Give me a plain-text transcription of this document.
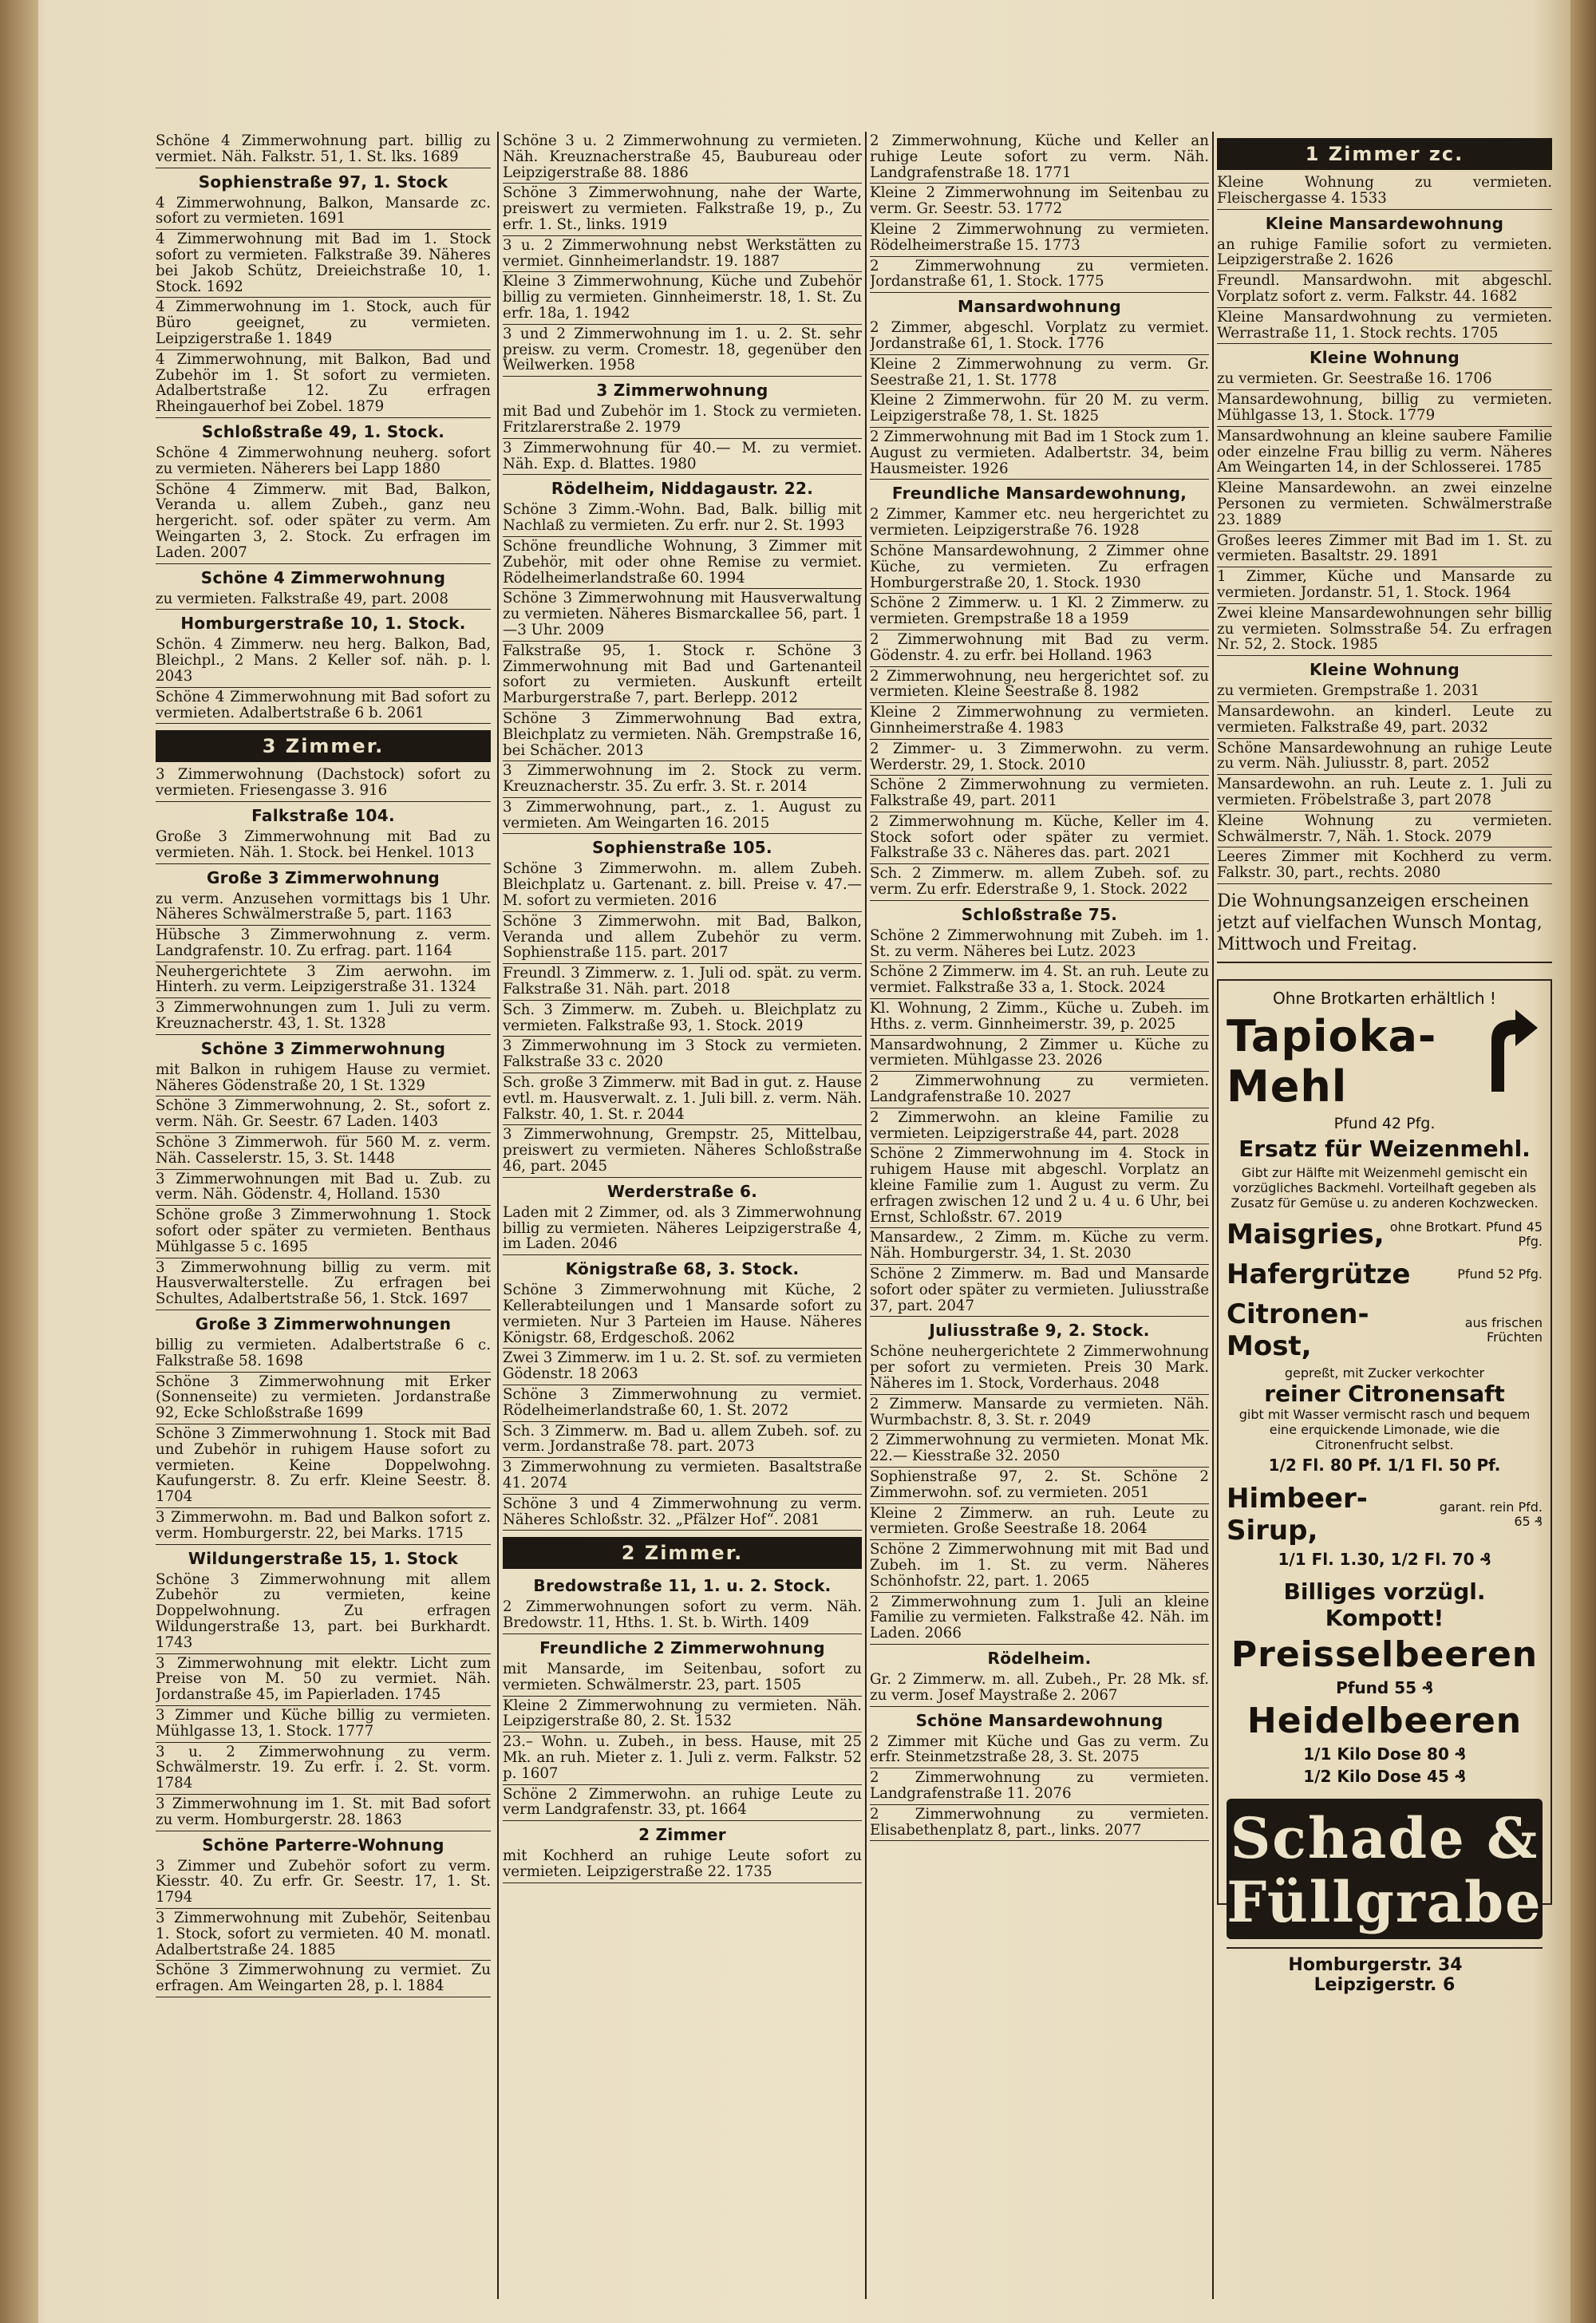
Schöne 4 Zimmerwohnung part. billig zu vermiet. Näh. Falkstr. 51, 1. St. lks. 1689
Sophienstraße 97, 1. Stock
4 Zimmerwohnung, Balkon, Mansarde zc. sofort zu vermieten. 1691
4 Zimmerwohnung mit Bad im 1. Stock sofort zu vermieten. Falkstraße 39. Näheres bei Jakob Schütz, Dreieichstraße 10, 1. Stock. 1692
4 Zimmerwohnung im 1. Stock, auch für Büro geeignet, zu vermieten. Leipzigerstraße 1. 1849
4 Zimmerwohnung, mit Balkon, Bad und Zubehör im 1. St sofort zu vermieten. Adalbertstraße 12. Zu erfragen Rheingauerhof bei Zobel. 1879
Schloßstraße 49, 1. Stock.
Schöne 4 Zimmerwohnung neuherg. sofort zu vermieten. Näherers bei Lapp 1880
Schöne 4 Zimmerw. mit Bad, Balkon, Veranda u. allem Zubeh., ganz neu hergericht. sof. oder später zu verm. Am Weingarten 3, 2. Stock. Zu erfragen im Laden. 2007
Schöne 4 Zimmerwohnung
zu vermieten. Falkstraße 49, part. 2008
Homburgerstraße 10, 1. Stock.
Schön. 4 Zimmerw. neu herg. Balkon, Bad, Bleichpl., 2 Mans. 2 Keller sof. näh. p. l. 2043
Schöne 4 Zimmerwohnung mit Bad sofort zu vermieten. Adalbertstraße 6 b. 2061
3 Zimmer.
3 Zimmerwohnung (Dachstock) sofort zu vermieten. Friesengasse 3. 916
Falkstraße 104.
Große 3 Zimmerwohnung mit Bad zu vermieten. Näh. 1. Stock. bei Henkel. 1013
Große 3 Zimmerwohnung
zu verm. Anzusehen vormittags bis 1 Uhr. Näheres Schwälmerstraße 5, part. 1163
Hübsche 3 Zimmerwohnung z. verm. Landgrafenstr. 10. Zu erfrag. part. 1164
Neuhergerichtete 3 Zim aerwohn. im Hinterh. zu verm. Leipzigerstraße 31. 1324
3 Zimmerwohnungen zum 1. Juli zu verm. Kreuznacherstr. 43, 1. St. 1328
Schöne 3 Zimmerwohnung
mit Balkon in ruhigem Hause zu vermiet. Näheres Gödenstraße 20, 1 St. 1329
Schöne 3 Zimmerwohnung, 2. St., sofort z. verm. Näh. Gr. Seestr. 67 Laden. 1403
Schöne 3 Zimmerwoh. für 560 M. z. verm. Näh. Casselerstr. 15, 3. St. 1448
3 Zimmerwohnungen mit Bad u. Zub. zu verm. Näh. Gödenstr. 4, Holland. 1530
Schöne große 3 Zimmerwohnung 1. Stock sofort oder später zu vermieten. Benthaus Mühlgasse 5 c. 1695
3 Zimmerwohnung billig zu verm. mit Hausverwalterstelle. Zu erfragen bei Schultes, Adalbertstraße 56, 1. Stck. 1697
Große 3 Zimmerwohnungen
billig zu vermieten. Adalbertstraße 6 c. Falkstraße 58. 1698
Schöne 3 Zimmerwohnung mit Erker (Sonnenseite) zu vermieten. Jordanstraße 92, Ecke Schloßstraße 1699
Schöne 3 Zimmerwohnung 1. Stock mit Bad und Zubehör in ruhigem Hause sofort zu vermieten. Keine Doppelwohng. Kaufungerstr. 8. Zu erfr. Kleine Seestr. 8. 1704
3 Zimmerwohn. m. Bad und Balkon sofort z. verm. Homburgerstr. 22, bei Marks. 1715
Wildungerstraße 15, 1. Stock
Schöne 3 Zimmerwohnung mit allem Zubehör zu vermieten, keine Doppelwohnung. Zu erfragen Wildungerstraße 13, part. bei Burkhardt. 1743
3 Zimmerwohnung mit elektr. Licht zum Preise von M. 50 zu vermiet. Näh. Jordanstraße 45, im Papierladen. 1745
3 Zimmer und Küche billig zu vermieten. Mühlgasse 13, 1. Stock. 1777
3 u. 2 Zimmerwohnung zu verm. Schwälmerstr. 19. Zu erfr. i. 2. St. vorm. 1784
3 Zimmerwohnung im 1. St. mit Bad sofort zu verm. Homburgerstr. 28. 1863
Schöne Parterre-Wohnung
3 Zimmer und Zubehör sofort zu verm. Kiesstr. 40. Zu erfr. Gr. Seestr. 17, 1. St. 1794
3 Zimmerwohnung mit Zubehör, Seitenbau 1. Stock, sofort zu vermieten. 40 M. monatl. Adalbertstraße 24. 1885
Schöne 3 Zimmerwohnung zu vermiet. Zu erfragen. Am Weingarten 28, p. l. 1884
Schöne 3 u. 2 Zimmerwohnung zu vermieten. Näh. Kreuznacherstraße 45, Baubureau oder Leipzigerstraße 88. 1886
Schöne 3 Zimmerwohnung, nahe der Warte, preiswert zu vermieten. Falkstraße 19, p., Zu erfr. 1. St., links. 1919
3 u. 2 Zimmerwohnung nebst Werkstätten zu vermiet. Ginnheimerlandstr. 19. 1887
Kleine 3 Zimmerwohnung, Küche und Zubehör billig zu vermieten. Ginnheimerstr. 18, 1. St. Zu erfr. 18a, 1. 1942
3 und 2 Zimmerwohnung im 1. u. 2. St. sehr preisw. zu verm. Cromestr. 18, gegenüber den Weilwerken. 1958
3 Zimmerwohnung
mit Bad und Zubehör im 1. Stock zu vermieten. Fritzlarerstraße 2. 1979
3 Zimmerwohnung für 40.— M. zu vermiet. Näh. Exp. d. Blattes. 1980
Rödelheim, Niddagaustr. 22.
Schöne 3 Zimm.-Wohn. Bad, Balk. billig mit Nachlaß zu vermieten. Zu erfr. nur 2. St. 1993
Schöne freundliche Wohnung, 3 Zimmer mit Zubehör, mit oder ohne Remise zu vermiet. Rödelheimerlandstraße 60. 1994
Schöne 3 Zimmerwohnung mit Hausverwaltung zu vermieten. Näheres Bismarckallee 56, part. 1—3 Uhr. 2009
Falkstraße 95, 1. Stock r. Schöne 3 Zimmerwohnung mit Bad und Gartenanteil sofort zu vermieten. Auskunft erteilt Marburgerstraße 7, part. Berlepp. 2012
Schöne 3 Zimmerwohnung Bad extra, Bleichplatz zu vermieten. Näh. Grempstraße 16, bei Schächer. 2013
3 Zimmerwohnung im 2. Stock zu verm. Kreuznacherstr. 35. Zu erfr. 3. St. r. 2014
3 Zimmerwohnung, part., z. 1. August zu vermieten. Am Weingarten 16. 2015
Sophienstraße 105.
Schöne 3 Zimmerwohn. m. allem Zubeh. Bleichplatz u. Gartenant. z. bill. Preise v. 47.— M. sofort zu vermieten. 2016
Schöne 3 Zimmerwohn. mit Bad, Balkon, Veranda und allem Zubehör zu verm. Sophienstraße 115. part. 2017
Freundl. 3 Zimmerw. z. 1. Juli od. spät. zu verm. Falkstraße 31. Näh. part. 2018
Sch. 3 Zimmerw. m. Zubeh. u. Bleichplatz zu vermieten. Falkstraße 93, 1. Stock. 2019
3 Zimmerwohnung im 3 Stock zu vermieten. Falkstraße 33 c. 2020
Sch. große 3 Zimmerw. mit Bad in gut. z. Hause evtl. m. Hausverwalt. z. 1. Juli bill. z. verm. Näh. Falkstr. 40, 1. St. r. 2044
3 Zimmerwohnung, Grempstr. 25, Mittelbau, preiswert zu vermieten. Näheres Schloßstraße 46, part. 2045
Werderstraße 6.
Laden mit 2 Zimmer, od. als 3 Zimmerwohnung billig zu vermieten. Näheres Leipzigerstraße 4, im Laden. 2046
Königstraße 68, 3. Stock.
Schöne 3 Zimmerwohnung mit Küche, 2 Kellerabteilungen und 1 Mansarde sofort zu vermieten. Nur 3 Parteien im Hause. Näheres Königstr. 68, Erdgeschoß. 2062
Zwei 3 Zimmerw. im 1 u. 2. St. sof. zu vermieten Gödenstr. 18 2063
Schöne 3 Zimmerwohnung zu vermiet. Rödelheimerlandstraße 60, 1. St. 2072
Sch. 3 Zimmerw. m. Bad u. allem Zubeh. sof. zu verm. Jordanstraße 78. part. 2073
3 Zimmerwohnung zu vermieten. Basaltstraße 41. 2074
Schöne 3 und 4 Zimmerwohnung zu verm. Näheres Schloßstr. 32. „Pfälzer Hof“. 2081
2 Zimmer.
Bredowstraße 11, 1. u. 2. Stock.
2 Zimmerwohnungen sofort zu verm. Näh. Bredowstr. 11, Hths. 1. St. b. Wirth. 1409
Freundliche 2 Zimmerwohnung
mit Mansarde, im Seitenbau, sofort zu vermieten. Schwälmerstr. 23, part. 1505
Kleine 2 Zimmerwohnung zu vermieten. Näh. Leipzigerstraße 80, 2. St. 1532
23.– Wohn. u. Zubeh., in bess. Hause, mit 25 Mk. an ruh. Mieter z. 1. Juli z. verm. Falkstr. 52 p. 1607
Schöne 2 Zimmerwohn. an ruhige Leute zu verm Landgrafenstr. 33, pt. 1664
2 Zimmer
mit Kochherd an ruhige Leute sofort zu vermieten. Leipzigerstraße 22. 1735
2 Zimmerwohnung, Küche und Keller an ruhige Leute sofort zu verm. Näh. Landgrafenstraße 18. 1771
Kleine 2 Zimmerwohnung im Seitenbau zu verm. Gr. Seestr. 53. 1772
Kleine 2 Zimmerwohnung zu vermieten. Rödelheimerstraße 15. 1773
2 Zimmerwohnung zu vermieten. Jordanstraße 61, 1. Stock. 1775
Mansardwohnung
2 Zimmer, abgeschl. Vorplatz zu vermiet. Jordanstraße 61, 1. Stock. 1776
Kleine 2 Zimmerwohnung zu verm. Gr. Seestraße 21, 1. St. 1778
Kleine 2 Zimmerwohn. für 20 M. zu verm. Leipzigerstraße 78, 1. St. 1825
2 Zimmerwohnung mit Bad im 1 Stock zum 1. August zu vermieten. Adalbertstr. 34, beim Hausmeister. 1926
Freundliche Mansardewohnung,
2 Zimmer, Kammer etc. neu hergerichtet zu vermieten. Leipzigerstraße 76. 1928
Schöne Mansardewohnung, 2 Zimmer ohne Küche, zu vermieten. Zu erfragen Homburgerstraße 20, 1. Stock. 1930
Schöne 2 Zimmerw. u. 1 Kl. 2 Zimmerw. zu vermieten. Grempstraße 18 a 1959
2 Zimmerwohnung mit Bad zu verm. Gödenstr. 4. zu erfr. bei Holland. 1963
2 Zimmerwohnung, neu hergerichtet sof. zu vermieten. Kleine Seestraße 8. 1982
Kleine 2 Zimmerwohnung zu vermieten. Ginnheimerstraße 4. 1983
2 Zimmer- u. 3 Zimmerwohn. zu verm. Werderstr. 29, 1. Stock. 2010
Schöne 2 Zimmerwohnung zu vermieten. Falkstraße 49, part. 2011
2 Zimmerwohnung m. Küche, Keller im 4. Stock sofort oder später zu vermiet. Falkstraße 33 c. Näheres das. part. 2021
Sch. 2 Zimmerw. m. allem Zubeh. sof. zu verm. Zu erfr. Ederstraße 9, 1. Stock. 2022
Schloßstraße 75.
Schöne 2 Zimmerwohnung mit Zubeh. im 1. St. zu verm. Näheres bei Lutz. 2023
Schöne 2 Zimmerw. im 4. St. an ruh. Leute zu vermiet. Falkstraße 33 a, 1. Stock. 2024
Kl. Wohnung, 2 Zimm., Küche u. Zubeh. im Hths. z. verm. Ginnheimerstr. 39, p. 2025
Mansardwohnung, 2 Zimmer u. Küche zu vermieten. Mühlgasse 23. 2026
2 Zimmerwohnung zu vermieten. Landgrafenstraße 10. 2027
2 Zimmerwohn. an kleine Familie zu vermieten. Leipzigerstraße 44, part. 2028
Schöne 2 Zimmerwohnung im 4. Stock in ruhigem Hause mit abgeschl. Vorplatz an kleine Familie zum 1. August zu verm. Zu erfragen zwischen 12 und 2 u. 4 u. 6 Uhr, bei Ernst, Schloßstr. 67. 2019
Mansardew., 2 Zimm. m. Küche zu verm. Näh. Homburgerstr. 34, 1. St. 2030
Schöne 2 Zimmerw. m. Bad und Mansarde sofort oder später zu vermieten. Juliusstraße 37, part. 2047
Juliusstraße 9, 2. Stock.
Schöne neuhergerichtete 2 Zimmerwohnung per sofort zu vermieten. Preis 30 Mark. Näheres im 1. Stock, Vorderhaus. 2048
2 Zimmerw. Mansarde zu vermieten. Näh. Wurmbachstr. 8, 3. St. r. 2049
2 Zimmerwohnung zu vermieten. Monat Mk. 22.— Kiesstraße 32. 2050
Sophienstraße 97, 2. St. Schöne 2 Zimmerwohn. sof. zu vermieten. 2051
Kleine 2 Zimmerw. an ruh. Leute zu vermieten. Große Seestraße 18. 2064
Schöne 2 Zimmerwohnung mit mit Bad und Zubeh. im 1. St. zu verm. Näheres Schönhofstr. 22, part. 1. 2065
2 Zimmerwohnung zum 1. Juli an kleine Familie zu vermieten. Falkstraße 42. Näh. im Laden. 2066
Rödelheim.
Gr. 2 Zimmerw. m. all. Zubeh., Pr. 28 Mk. sf. zu verm. Josef Maystraße 2. 2067
Schöne Mansardewohnung
2 Zimmer mit Küche und Gas zu verm. Zu erfr. Steinmetzstraße 28, 3. St. 2075
2 Zimmerwohnung zu vermieten. Landgrafenstraße 11. 2076
2 Zimmerwohnung zu vermieten. Elisabethenplatz 8, part., links. 2077
1 Zimmer zc.
Kleine Wohnung zu vermieten. Fleischergasse 4. 1533
Kleine Mansardewohnung
an ruhige Familie sofort zu vermieten. Leipzigerstraße 2. 1626
Freundl. Mansardwohn. mit abgeschl. Vorplatz sofort z. verm. Falkstr. 44. 1682
Kleine Mansardwohnung zu vermieten. Werrastraße 11, 1. Stock rechts. 1705
Kleine Wohnung
zu vermieten. Gr. Seestraße 16. 1706
Mansardewohnung, billig zu vermieten. Mühlgasse 13, 1. Stock. 1779
Mansardwohnung an kleine saubere Familie oder einzelne Frau billig zu verm. Näheres Am Weingarten 14, in der Schlosserei. 1785
Kleine Mansardewohn. an zwei einzelne Personen zu vermieten. Schwälmerstraße 23. 1889
Großes leeres Zimmer mit Bad im 1. St. zu vermieten. Basaltstr. 29. 1891
1 Zimmer, Küche und Mansarde zu vermieten. Jordanstr. 51, 1. Stock. 1964
Zwei kleine Mansardewohnungen sehr billig zu vermieten. Solmsstraße 54. Zu erfragen Nr. 52, 2. Stock. 1985
Kleine Wohnung
zu vermieten. Grempstraße 1. 2031
Mansardewohn. an kinderl. Leute zu vermieten. Falkstraße 49, part. 2032
Schöne Mansardewohnung an ruhige Leute zu verm. Näh. Juliusstr. 8, part. 2052
Mansardewohn. an ruh. Leute z. 1. Juli zu vermieten. Fröbelstraße 3, part 2078
Kleine Wohnung zu vermieten. Schwälmerstr. 7, Näh. 1. Stock. 2079
Leeres Zimmer mit Kochherd zu verm. Falkstr. 30, part., rechts. 2080
Die Wohnungsanzeigen erscheinen jetzt auf vielfachen Wunsch Montag, Mittwoch und Freitag.
Ohne Brotkarten erhältlich !
Tapioka-Mehl
Pfund 42 Pfg.
Ersatz für Weizenmehl.
Gibt zur Hälfte mit Weizenmehl gemischt ein vorzügliches Backmehl. Vorteilhaft gegeben als Zusatz für Gemüse u. zu anderen Kochzwecken.
Maisgries, ohne Brotkart. Pfund 45 Pfg.
Hafergrütze	Pfund 52 Pfg.
Citronen-Most,
aus frischen Früchten
gepreßt, mit Zucker verkochter
reiner Citronensaft
gibt mit Wasser vermischt rasch und bequem eine erquickende Limonade, wie die Citronenfrucht selbst.
1/2 Fl. 80 Pf. 1/1 Fl. 50 Pf.
Himbeer-Sirup,
garant. rein Pfd. 65 ₰
1/1 Fl. 1.30, 1/2 Fl. 70 ₰
Billiges vorzügl. Kompott!
Preisselbeeren
Pfund 55 ₰
Heidelbeeren
1/1 Kilo Dose 80 ₰
1/2 Kilo Dose 45 ₰
Schade &
Füllgrabe
Homburgerstr. 34    Leipzigerstr. 6
